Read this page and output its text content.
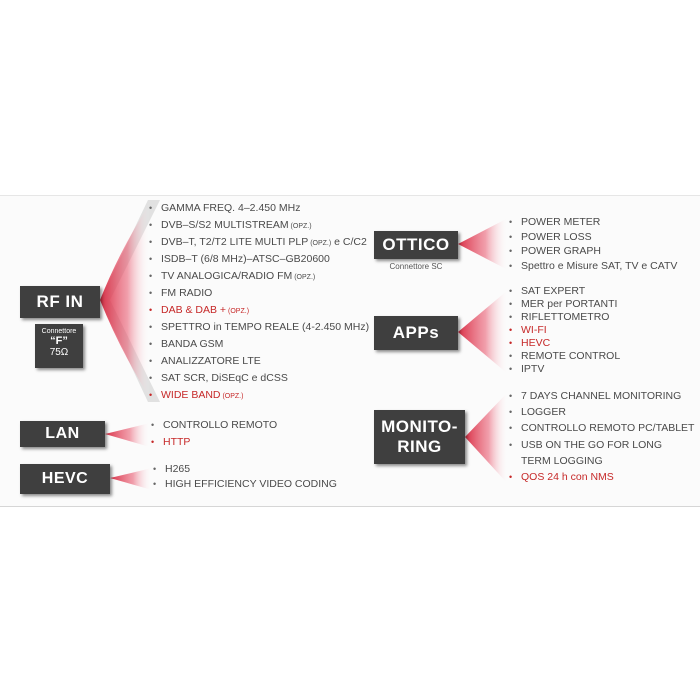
RF IN
Connettore
“F”
75Ω
• GAMMA FREQ. 4–2.450 MHz
• DVB–S/S2 MULTISTREAM (OPZ.)
• DVB–T, T2/T2 LITE MULTI PLP (OPZ.) e C/C2
• ISDB–T (6/8 MHz)–ATSC–GB20600
• TV ANALOGICA/RADIO FM (OPZ.)
• FM RADIO
• DAB & DAB + (OPZ.)
• SPETTRO in TEMPO REALE (4-2.450 MHz)
• BANDA GSM
• ANALIZZATORE LTE
• SAT SCR, DiSEqC e dCSS
• WIDE BAND (OPZ.)
LAN
•	CONTROLLO REMOTO
• HTTP
HEVC
• H265
• HIGH EFFICIENCY VIDEO CODING
OTTICO
Connettore SC
• POWER METER
• POWER LOSS
• POWER GRAPH
• Spettro e Misure SAT, TV e CATV
APPs
• SAT EXPERT
• MER per PORTANTI
• RIFLETTOMETRO
• WI-FI
• HEVC
• REMOTE CONTROL
• IPTV
MONITO-
RING
• 7 DAYS CHANNEL MONITORING
• LOGGER
• CONTROLLO REMOTO PC/TABLET
• USB ON THE GO FOR LONG
TERM LOGGING
• QOS 24 h con NMS
